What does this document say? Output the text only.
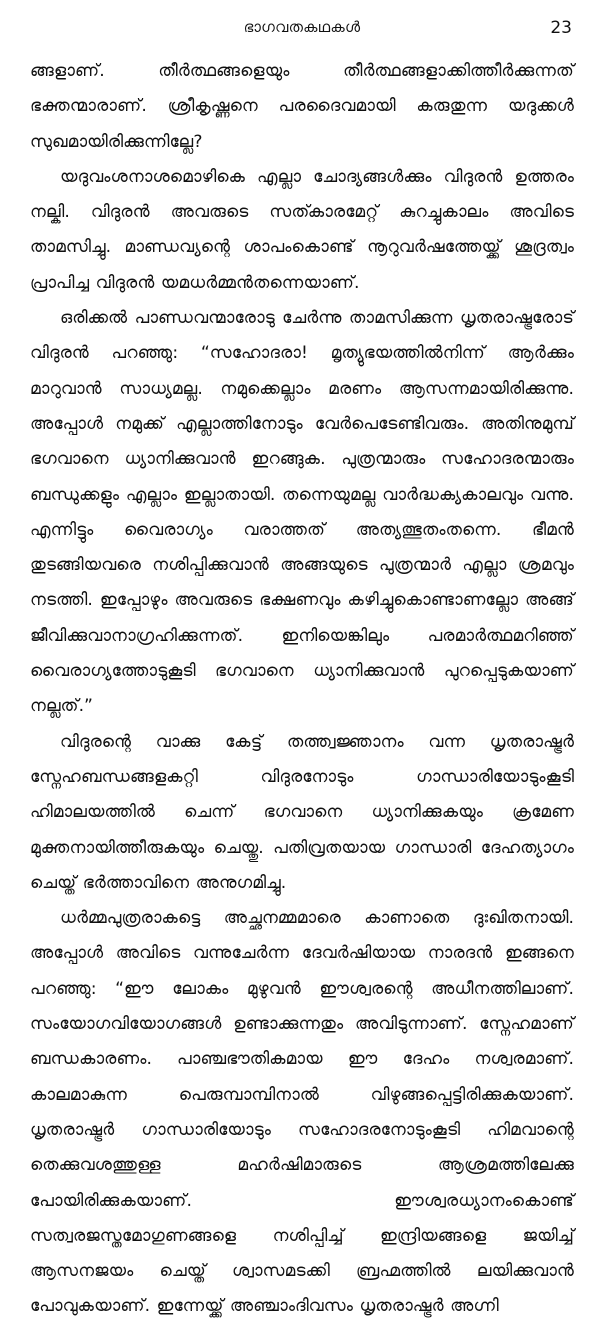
ഭാഗവതകഥകൾ	23

ങ്ങളാണ്. തീർത്ഥങ്ങളെയും തീർത്ഥങ്ങളാക്കിത്തീർക്കുന്നത് ഭക്തന്മാരാണ്. ശ്രീകൃഷ്ണനെ പരദൈവമായി കരുതുന്ന യദുക്കൾ സുഖമായിരിക്കുന്നില്ലേ?

യദുവംശനാശമൊഴികെ എല്ലാ ചോദ്യങ്ങൾക്കും വിദുരൻ ഉത്തരം നല്കി. വിദുരൻ അവരുടെ സത്കാരമേറ്റ് കുറച്ചുകാലം അവിടെ താമസിച്ചു. മാണ്ഡവ്യന്റെ ശാപംകൊണ്ട് നൂറുവർഷത്തേയ്ക്ക് ശൂദ്രത്വം പ്രാപിച്ച വിദുരൻ യമധർമ്മൻതന്നെയാണ്.

ഒരിക്കൽ പാണ്ഡവന്മാരോടു ചേർന്നു താമസിക്കുന്ന ധൃതരാഷ്ട്രരോട് വിദുരൻ പറഞ്ഞു: “സഹോദരാ! മൃത്യുഭയത്തിൽനിന്ന് ആർക്കും മാറുവാൻ സാധ്യമല്ല. നമുക്കെല്ലാം മരണം ആസന്നമായിരിക്കുന്നു. അപ്പോൾ നമുക്ക് എല്ലാത്തിനോടും വേർപെടേണ്ടിവരും. അതിനുമുമ്പ് ഭഗവാനെ ധ്യാനിക്കുവാൻ ഇറങ്ങുക. പുത്രന്മാരും സഹോദരന്മാരും ബന്ധുക്കളും എല്ലാം ഇല്ലാതായി. തന്നെയുമല്ല വാർദ്ധക്യകാലവും വന്നു. എന്നിട്ടും വൈരാഗ്യം വരാത്തത് അത്യത്ഭുതംതന്നെ. ഭീമൻ തുടങ്ങിയവരെ നശിപ്പിക്കുവാൻ അങ്ങയുടെ പുത്രന്മാർ എല്ലാ ശ്രമവും നടത്തി. ഇപ്പോഴും അവരുടെ ഭക്ഷണവും കഴിച്ചുകൊണ്ടാണല്ലോ അങ്ങ് ജീവിക്കുവാനാഗ്രഹിക്കുന്നത്. ഇനിയെങ്കിലും പരമാർത്ഥമറിഞ്ഞ് വൈരാഗ്യത്തോടുകൂടി ഭഗവാനെ ധ്യാനിക്കുവാൻ പുറപ്പെടുകയാണ് നല്ലത്.”

വിദുരന്റെ വാക്കു കേട്ട് തത്ത്വജ്ഞാനം വന്ന ധൃതരാഷ്ട്രർ സ്നേഹബന്ധങ്ങളകറ്റി വിദുരനോടും ഗാന്ധാരിയോടുംകൂടി ഹിമാലയത്തിൽ ചെന്ന് ഭഗവാനെ ധ്യാനിക്കുകയും ക്രമേണ മുക്തനായിത്തീരുകയും ചെയ്തു. പതിവ്രതയായ ഗാന്ധാരി ദേഹത്യാഗം ചെയ്ത് ഭർത്താവിനെ അനുഗമിച്ചു.

ധർമ്മപുത്രരാകട്ടെ അച്ഛനമ്മമാരെ കാണാതെ ദുഃഖിതനായി. അപ്പോൾ അവിടെ വന്നുചേർന്ന ദേവർഷിയായ നാരദൻ ഇങ്ങനെ പറഞ്ഞു: “ഈ ലോകം മുഴുവൻ ഈശ്വരന്റെ അധീനത്തിലാണ്. സംയോഗവിയോഗങ്ങൾ ഉണ്ടാക്കുന്നതും അവിടുന്നാണ്. സ്നേഹമാണ് ബന്ധകാരണം. പാഞ്ചഭൗതികമായ ഈ ദേഹം നശ്വരമാണ്. കാലമാകുന്ന പെരുമ്പാമ്പിനാൽ വിഴുങ്ങപ്പെട്ടിരിക്കുകയാണ്. ധൃതരാഷ്ട്രർ ഗാന്ധാരിയോടും സഹോദരനോടുംകൂടി ഹിമവാന്റെ തെക്കുവശത്തുള്ള മഹർഷിമാരുടെ ആശ്രമത്തിലേക്കു പോയിരിക്കുകയാണ്. ഈശ്വരധ്യാനംകൊണ്ട് സത്വരജസ്തമോഗുണങ്ങളെ നശിപ്പിച്ച് ഇന്ദ്രിയങ്ങളെ ജയിച്ച് ആസനജയം ചെയ്ത് ശ്വാസമടക്കി ബ്രഹ്മത്തിൽ ലയിക്കുവാൻ പോവുകയാണ്. ഇന്നേയ്ക്ക് അഞ്ചാംദിവസം ധൃതരാഷ്ട്രർ അഗ്നി
